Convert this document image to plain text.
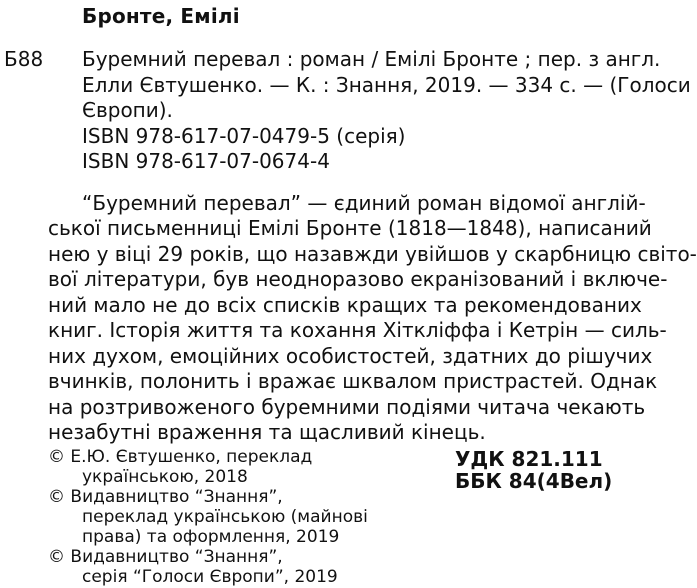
Бронте, Емілі
Б88 Буремний перевал : роман / Емілі Бронте ; пер. з англ.
Елли Євтушенко. — К. : Знання, 2019. — 334 с. — (Голоси
Європи).
ISBN 978-617-07-0479-5 (серія)
ISBN 978-617-07-0674-4
“Буремний перевал” — єдиний роман відомої англій-
ської письменниці Емілі Бронте (1818—1848), написаний
нею у віці 29 років, що назавжди увійшов у скарбницю світо-
вої літератури, був неодноразово екранізований і включе-
ний мало не до всіх списків кращих та рекомендованих
книг. Історія життя та кохання Хіткліффа і Кетрін — силь-
них духом, емоційних особистостей, здатних до рішучих
вчинків, полонить і вражає шквалом пристрастей. Однак
на розтривоженого буремними подіями читача чекають
незабутні враження та щасливий кінець.
УДК 821.111
ББК 84(4Вел)
© Е.Ю. Євтушенко, переклад
українською, 2018
© Видавництво “Знання”,
переклад українською (майнові
права) та оформлення, 2019
© Видавництво “Знання”,
серія “Голоси Європи”, 2019
